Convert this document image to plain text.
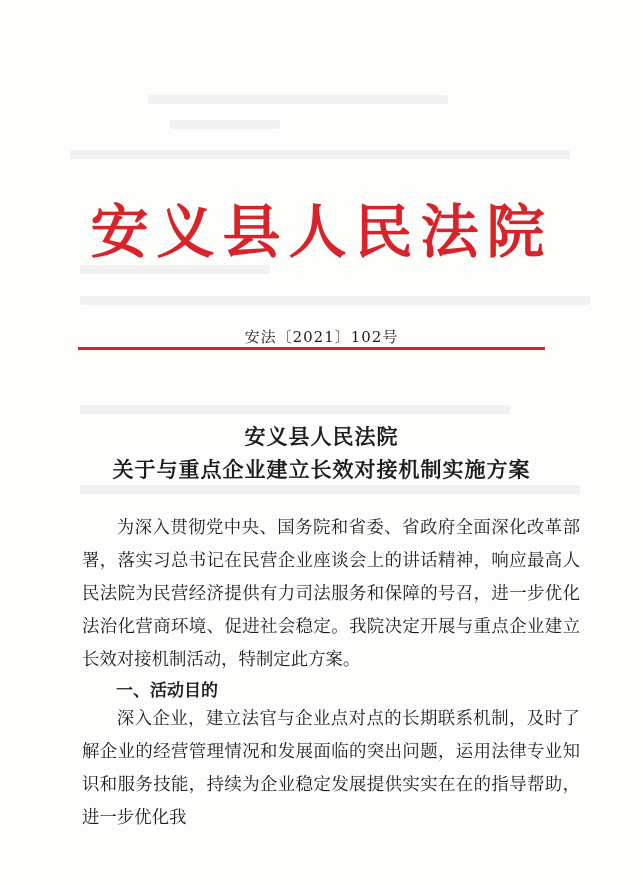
安义县人民法院
安法〔2021〕102号
安义县人民法院
关于与重点企业建立长效对接机制实施方案

为深入贯彻党中央、国务院和省委、省政府全面深化改革部署，落实习总书记在民营企业座谈会上的讲话精神，响应最高人民法院为民营经济提供有力司法服务和保障的号召，进一步优化法治化营商环境、促进社会稳定。我院决定开展与重点企业建立长效对接机制活动，特制定此方案。

一、活动目的

深入企业，建立法官与企业点对点的长期联系机制，及时了解企业的经营管理情况和发展面临的突出问题，运用法律专业知识和服务技能，持续为企业稳定发展提供实实在在的指导帮助，进一步优化我
